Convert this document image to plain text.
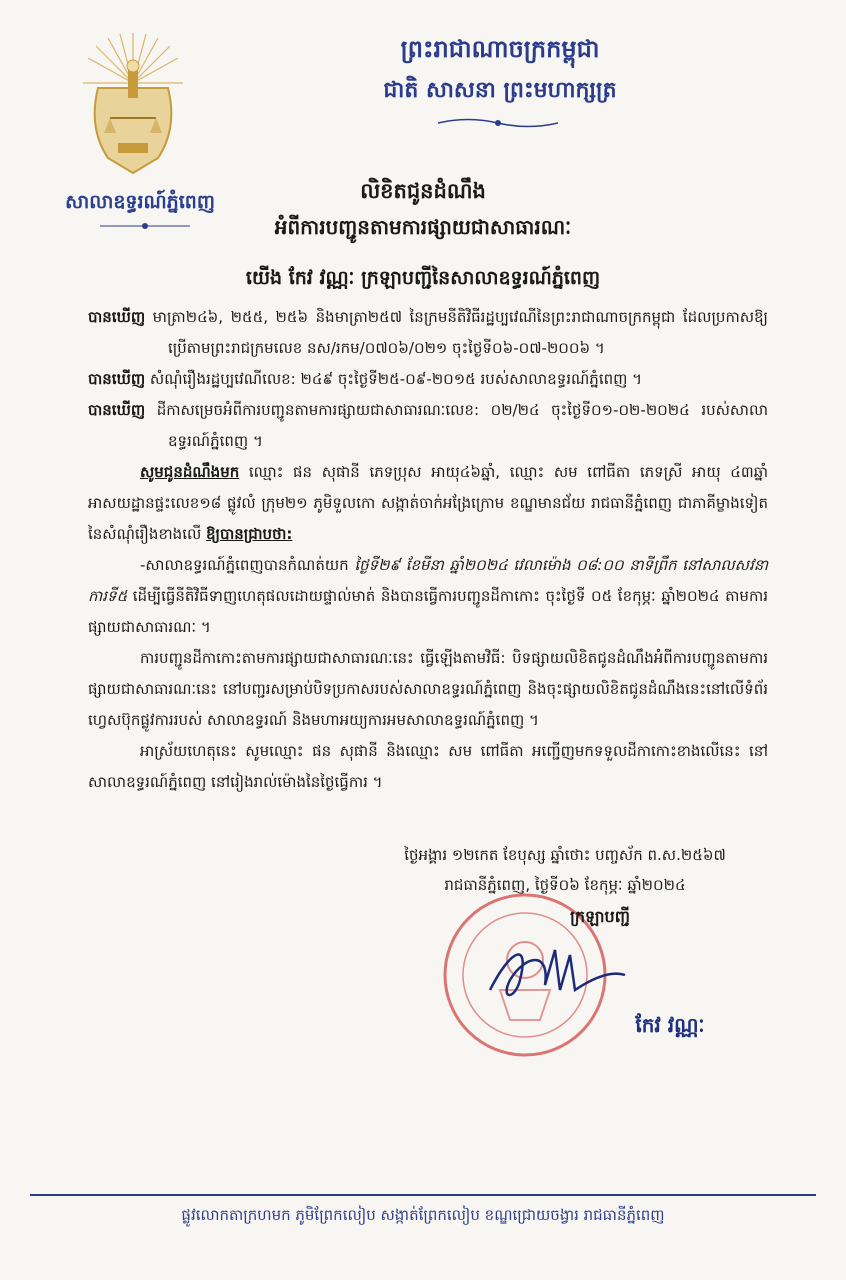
សាលាឧទ្ធរណ៍ភ្នំពេញ
ព្រះរាជាណាចក្រកម្ពុជា
ជាតិ សាសនា ព្រះមហាក្សត្រ
លិខិតជូនដំណឹង
អំពីការបញ្ជូនតាមការផ្សាយជាសាធារណៈ
យើង កែវ វណ្ណៈ ក្រឡាបញ្ជីនៃសាលាឧទ្ធរណ៍ភ្នំពេញ

បានឃើញ មាត្រា២៤៦, ២៥៥, ២៥៦ និងមាត្រា២៥៧ នៃក្រមនីតិវិធីរដ្ឋប្បវេណីនៃព្រះរាជាណាចក្រកម្ពុជា ដែលប្រកាសឱ្យប្រើតាមព្រះរាជក្រមលេខ នស/រកម/០៧០៦/០២១ ចុះថ្ងៃទី០៦-០៧-២០០៦ ។

បានឃើញ សំណុំរឿងរដ្ឋប្បវេណីលេខ: ២៤៩ ចុះថ្ងៃទី២៥-០៩-២០១៥ របស់សាលាឧទ្ធរណ៍ភ្នំពេញ ។

បានឃើញ ដីកាសម្រេចអំពីការបញ្ជូនតាមការផ្សាយជាសាធារណៈលេខ: ០២/២៤ ចុះថ្ងៃទី០១-០២-២០២៤ របស់សាលាឧទ្ធរណ៍ភ្នំពេញ ។

សូមជូនដំណឹងមក ឈ្មោះ ផន សុផានី ភេទប្រុស អាយុ៤៦ឆ្នាំ, ឈ្មោះ សម ពៅធីតា ភេទស្រី អាយុ ៤៣ឆ្នាំ អាសយដ្ឋានផ្ទះលេខ១៨ ផ្លូវលំ ក្រុម២១ ភូមិទួលកោ សង្កាត់ចាក់អង្រែក្រោម ខណ្ឌមានជ័យ រាជធានីភ្នំពេញ ជាភាគីម្ខាងទៀត នៃសំណុំរឿងខាងលើ ឱ្យបានជ្រាបថា:

-សាលាឧទ្ធរណ៍ភ្នំពេញបានកំណត់យក ថ្ងៃទី២៩ ខែមីនា ឆ្នាំ២០២៤ វេលាម៉ោង ០៨:០០ នាទីព្រឹក នៅសាលសវនាការទី៥ ដើម្បីធ្វើនីតិវិធីទាញហេតុផលដោយផ្ទាល់មាត់ និងបានធ្វើការបញ្ជូនដីកាកោះ ចុះថ្ងៃទី ០៥ ខែកុម្ភៈ ឆ្នាំ២០២៤ តាមការផ្សាយជាសាធារណៈ ។

ការបញ្ជូនដីកាកោះតាមការផ្សាយជាសាធារណៈនេះ ធ្វើឡើងតាមវិធី: បិទផ្សាយលិខិតជូនដំណឹងអំពីការបញ្ជូនតាមការផ្សាយជាសាធារណៈនេះ នៅបញ្ជរសម្រាប់បិទប្រកាសរបស់សាលាឧទ្ធរណ៍ភ្នំពេញ និងចុះផ្សាយលិខិតជូនដំណឹងនេះនៅលើទំព័រហ្វេសប៊ុកផ្លូវការរបស់ សាលាឧទ្ធរណ៍ និងមហាអយ្យការអមសាលាឧទ្ធរណ៍ភ្នំពេញ ។

អាស្រ័យហេតុនេះ សូមឈ្មោះ ផន សុផានី និងឈ្មោះ សម ពៅធីតា អញ្ជើញមកទទួលដីកាកោះខាងលើនេះ នៅសាលាឧទ្ធរណ៍ភ្នំពេញ នៅរៀងរាល់ម៉ោងនៃថ្ងៃធ្វើការ ។

ថ្ងៃអង្គារ ១២កេត ខែបុស្ស ឆ្នាំថោះ បញ្ចស័ក ព.ស.២៥៦៧
រាជធានីភ្នំពេញ, ថ្ងៃទី០៦ ខែកុម្ភៈ ឆ្នាំ២០២៤
ក្រឡាបញ្ជី
កែវ វណ្ណៈ
ផ្លូវលោកតាក្រហមក ភូមិព្រែកលៀប សង្កាត់ព្រែកលៀប ខណ្ឌជ្រោយចង្វារ រាជធានីភ្នំពេញ
